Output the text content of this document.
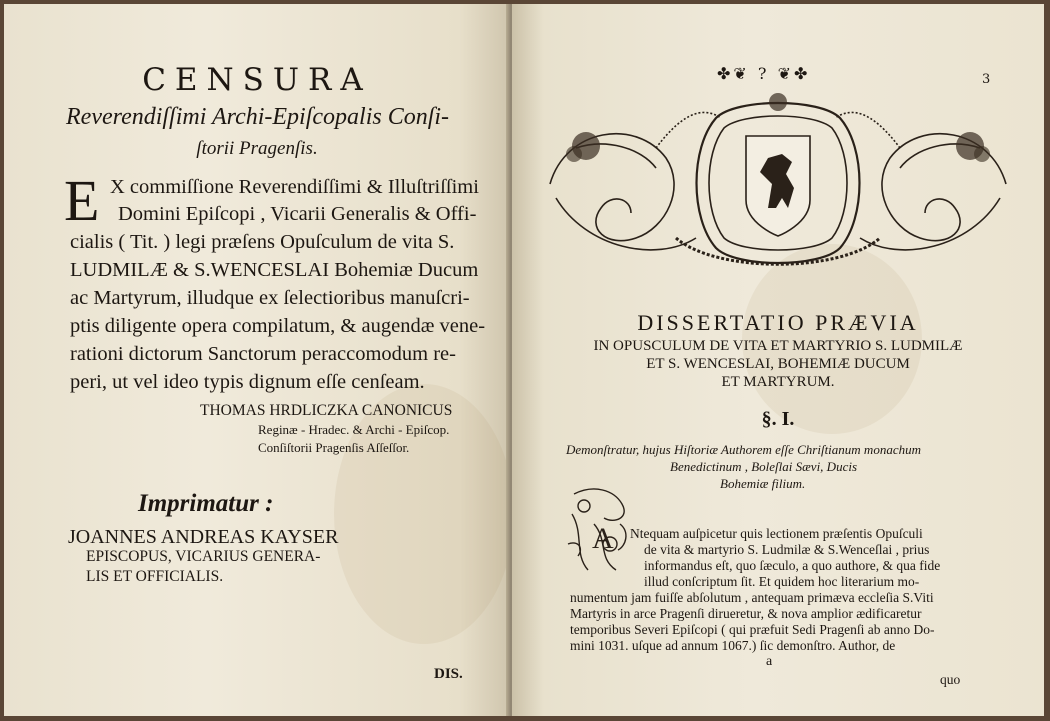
CENSURA
Reverendiſſimi Archi-Epiſcopalis Conſi-
ſtorii Pragenſis.
E X commiſſione Reverendiſſimi & Illuſtriſſimi
Domini Epiſcopi , Vicarii Generalis & Offi-
cialis ( Tit. ) legi præſens Opuſculum de vita S.
LUDMILÆ & S.WENCESLAI Bohemiæ Ducum
ac Martyrum, illudque ex ſelectioribus manuſcri-
ptis diligente opera compilatum, & augendæ vene-
rationi dictorum Sanctorum peraccomodum re-
peri, ut vel ideo typis dignum eſſe cenſeam.
THOMAS HRDLICZKA CANONICUS
Reginæ - Hradec. & Archi - Epiſcop.
Conſiſtorii Pragenſis Aſſeſſor.
Imprimatur :
JOANNES ANDREAS KAYSER
EPISCOPUS, VICARIUS GENERA-
LIS ET OFFICIALIS.
DIS.
✤❦ ? ❦✤	3
DISSERTATIO PRÆVIA
IN OPUSCULUM DE VITA ET MARTYRIO S. LUDMILÆ
ET S. WENCESLAI, BOHEMIÆ DUCUM
ET MARTYRUM.
§. I.
Demonſtratur, hujus Hiſtoriæ Authorem eſſe Chriſtianum monachum
Benedictinum , Boleſlai Sævi, Ducis
Bohemiæ filium.
A Ntequam auſpicetur quis lectionem præſentis Opuſculi
de vita & martyrio S. Ludmilæ & S.Wenceſlai , prius
informandus eſt, quo ſæculo, a quo authore, & qua fide
illud conſcriptum ſit. Et quidem hoc literarium mo-
numentum jam fuiſſe abſolutum , antequam primæva eccleſia S.Viti
Martyris in arce Pragenſi dirueretur, & nova amplior ædificaretur
temporibus Severi Epiſcopi ( qui præfuit Sedi Pragenſi ab anno Do-
mini 1031. uſque ad annum 1067.) ſic demonſtro. Author, de
a
quo
